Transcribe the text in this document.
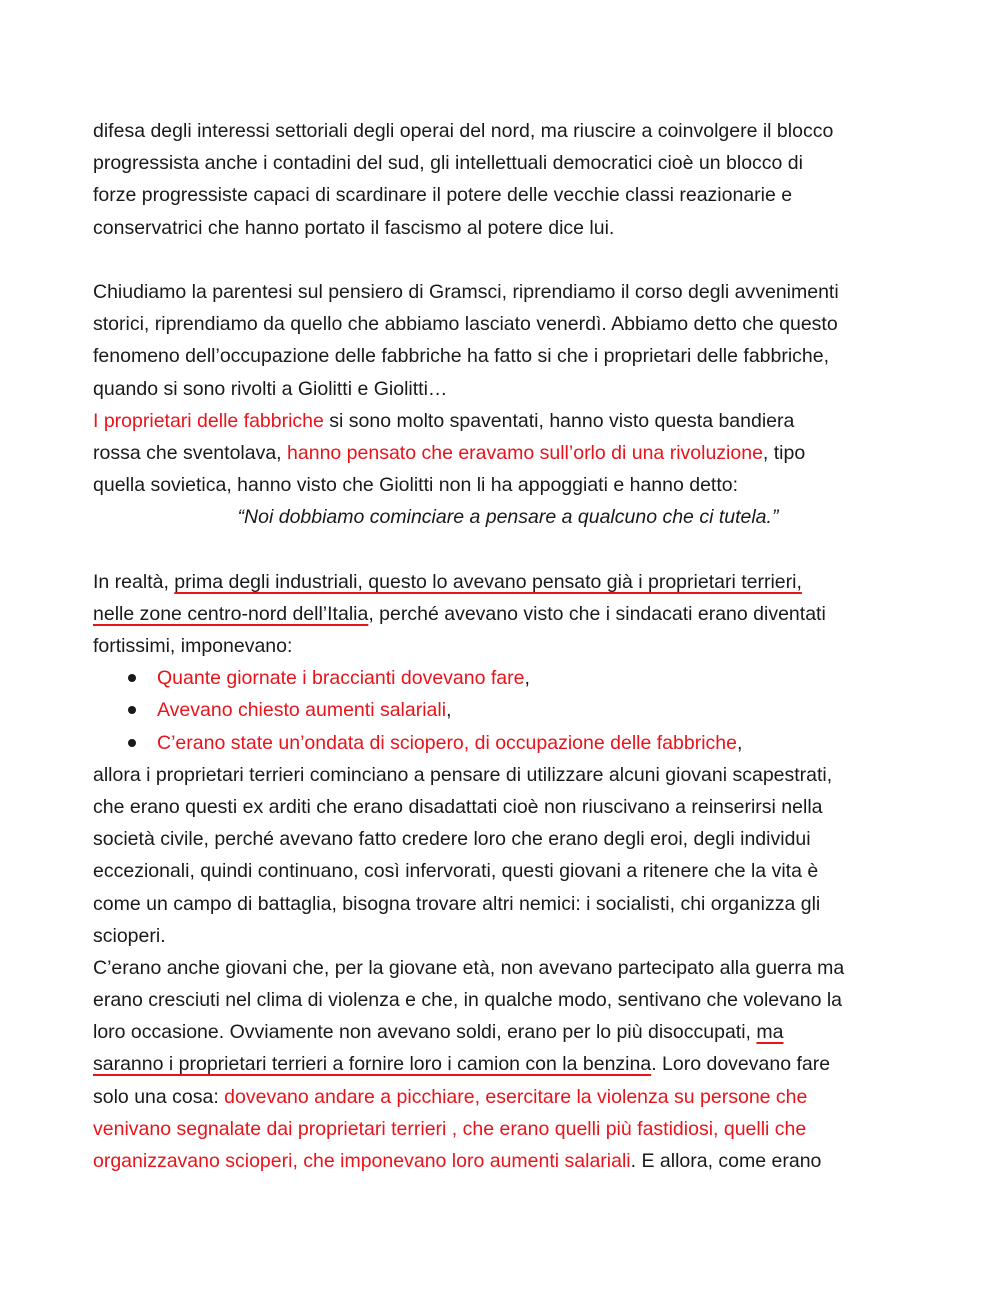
difesa degli interessi settoriali degli operai del nord, ma riuscire a coinvolgere il blocco
progressista anche i contadini del sud, gli intellettuali democratici cioè un blocco di
forze progressiste capaci di scardinare il potere delle vecchie classi reazionarie e
conservatrici che hanno portato il fascismo al potere dice lui.
Chiudiamo la parentesi sul pensiero di Gramsci, riprendiamo il corso degli avvenimenti
storici, riprendiamo da quello che abbiamo lasciato venerdì. Abbiamo detto che questo
fenomeno dell’occupazione delle fabbriche ha fatto si che i proprietari delle fabbriche,
quando si sono rivolti a Giolitti e Giolitti…
I proprietari delle fabbriche si sono molto spaventati, hanno visto questa bandiera
rossa che sventolava, hanno pensato che eravamo sull’orlo di una rivoluzione, tipo
quella sovietica, hanno visto che Giolitti non li ha appoggiati e hanno detto:
“Noi dobbiamo cominciare a pensare a qualcuno che ci tutela.”
In realtà, prima degli industriali, questo lo avevano pensato già i proprietari terrieri,
nelle zone centro-nord dell’Italia, perché avevano visto che i sindacati erano diventati
fortissimi, imponevano:
Quante giornate i braccianti dovevano fare,
Avevano chiesto aumenti salariali,
C’erano state un’ondata di sciopero, di occupazione delle fabbriche,
allora i proprietari terrieri cominciano a pensare di utilizzare alcuni giovani scapestrati,
che erano questi ex arditi che erano disadattati cioè non riuscivano a reinserirsi nella
società civile, perché avevano fatto credere loro che erano degli eroi, degli individui
eccezionali, quindi continuano, così infervorati, questi giovani a ritenere che la vita è
come un campo di battaglia, bisogna trovare altri nemici: i socialisti, chi organizza gli
scioperi.
C’erano anche giovani che, per la giovane età, non avevano partecipato alla guerra ma
erano cresciuti nel clima di violenza e che, in qualche modo, sentivano che volevano la
loro occasione. Ovviamente non avevano soldi, erano per lo più disoccupati, ma
saranno i proprietari terrieri a fornire loro i camion con la benzina. Loro dovevano fare
solo una cosa: dovevano andare a picchiare, esercitare la violenza su persone che
venivano segnalate dai proprietari terrieri , che erano quelli più fastidiosi, quelli che
organizzavano scioperi, che imponevano loro aumenti salariali. E allora, come erano
